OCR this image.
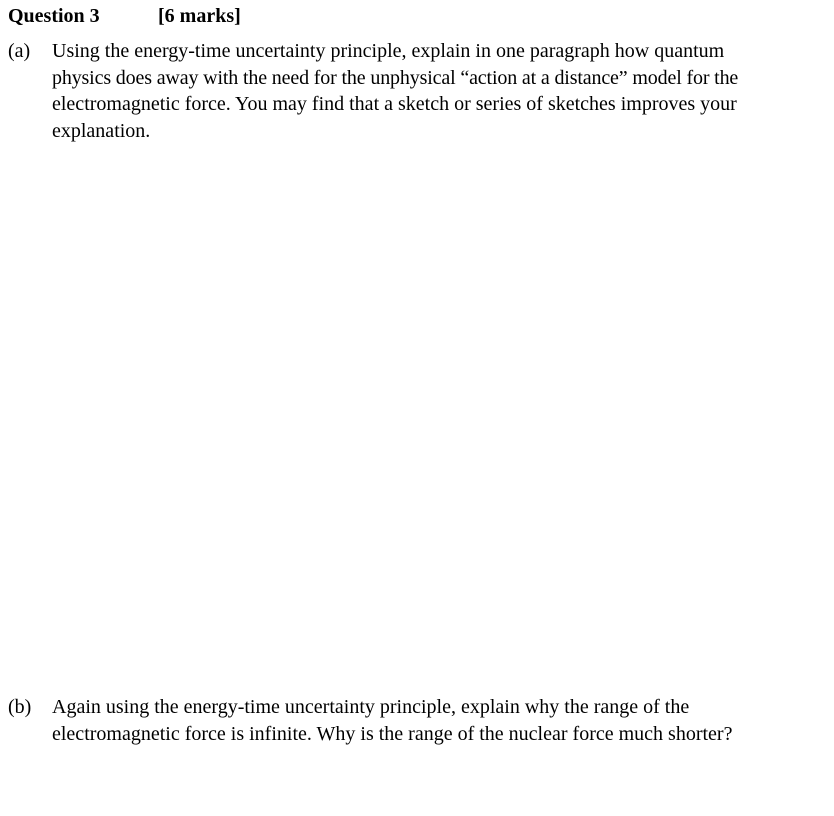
Question 3	[6 marks]
(a) Using the energy-time uncertainty principle, explain in one paragraph how quantum
physics does away with the need for the unphysical “action at a distance” model for the
electromagnetic force. You may find that a sketch or series of sketches improves your
explanation.
(b) Again using the energy-time uncertainty principle, explain why the range of the
electromagnetic force is infinite. Why is the range of the nuclear force much shorter?
